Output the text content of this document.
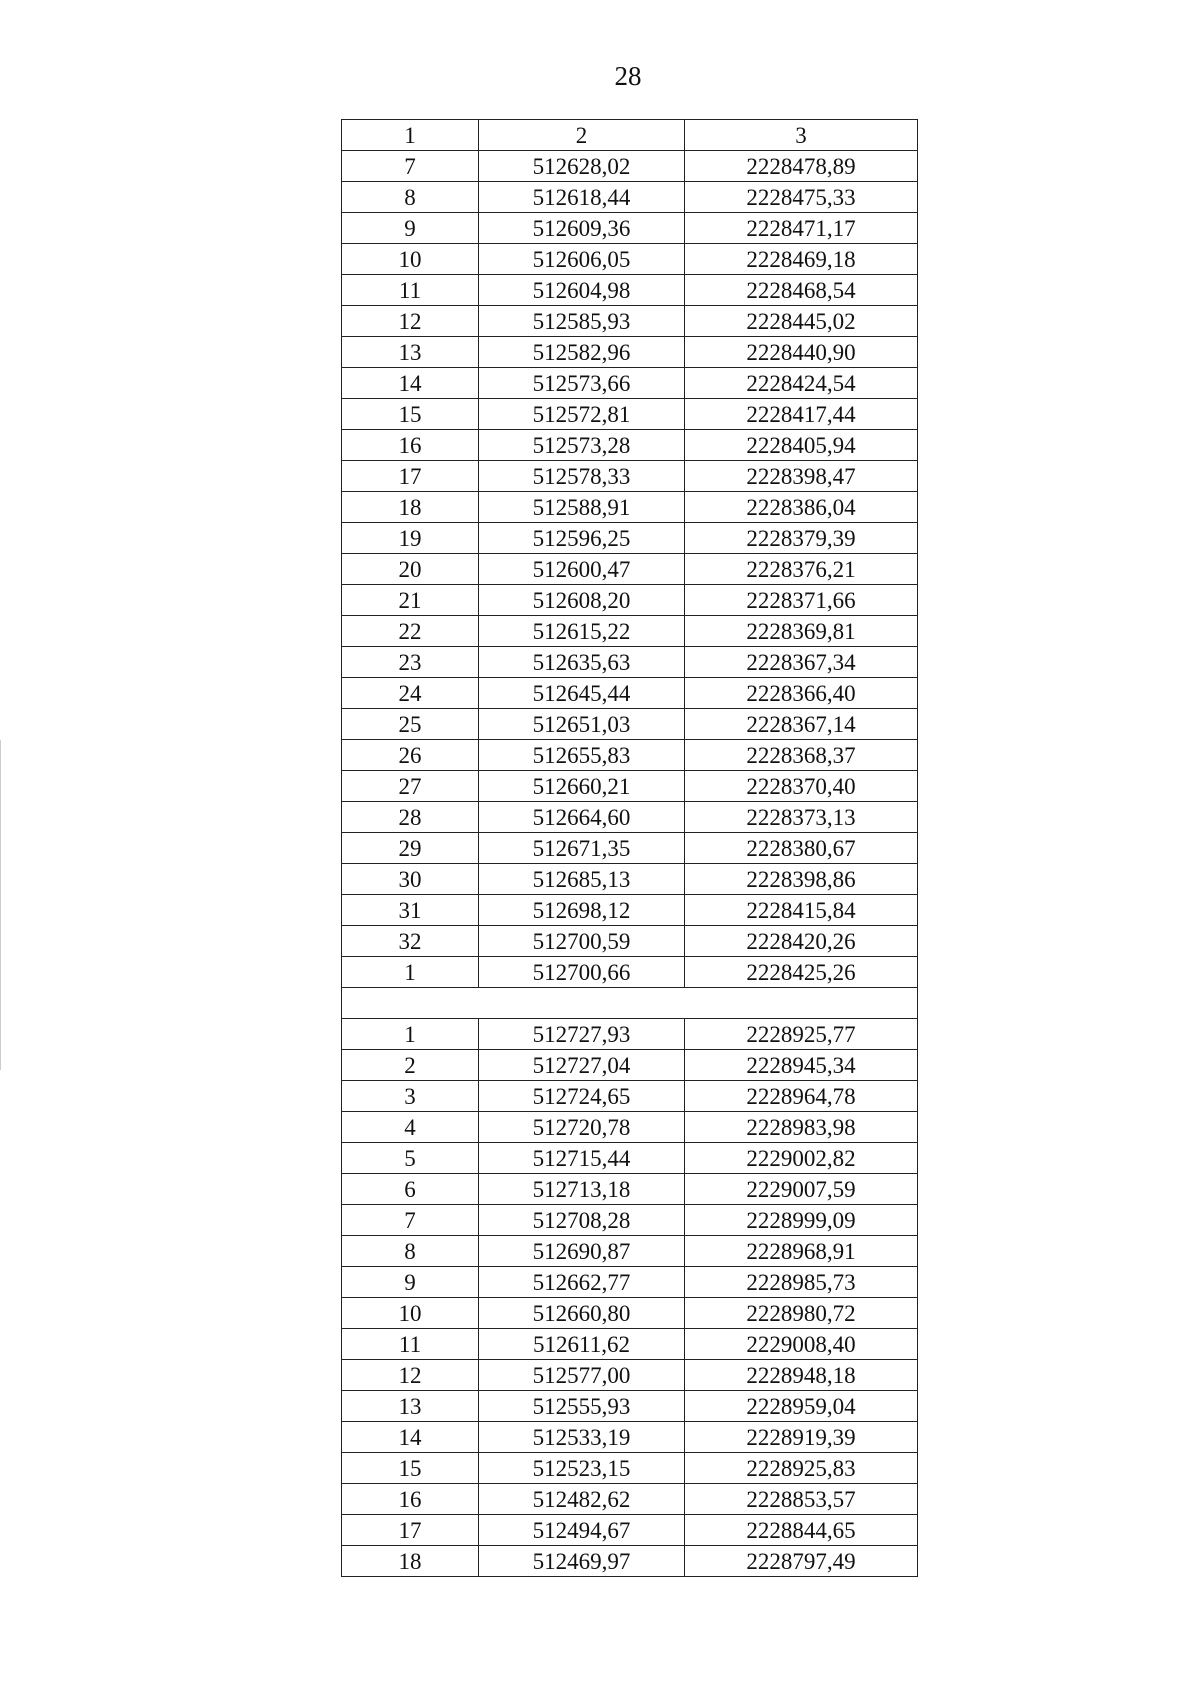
28
1	2	3
7	512628,02	2228478,89
8	512618,44	2228475,33
9	512609,36	2228471,17
10	512606,05	2228469,18
11	512604,98	2228468,54
12	512585,93	2228445,02
13	512582,96	2228440,90
14	512573,66	2228424,54
15	512572,81	2228417,44
16	512573,28	2228405,94
17	512578,33	2228398,47
18	512588,91	2228386,04
19	512596,25	2228379,39
20	512600,47	2228376,21
21	512608,20	2228371,66
22	512615,22	2228369,81
23	512635,63	2228367,34
24	512645,44	2228366,40
25	512651,03	2228367,14
26	512655,83	2228368,37
27	512660,21	2228370,40
28	512664,60	2228373,13
29	512671,35	2228380,67
30	512685,13	2228398,86
31	512698,12	2228415,84
32	512700,59	2228420,26
1	512700,66	2228425,26

1	512727,93	2228925,77
2	512727,04	2228945,34
3	512724,65	2228964,78
4	512720,78	2228983,98
5	512715,44	2229002,82
6	512713,18	2229007,59
7	512708,28	2228999,09
8	512690,87	2228968,91
9	512662,77	2228985,73
10	512660,80	2228980,72
11	512611,62	2229008,40
12	512577,00	2228948,18
13	512555,93	2228959,04
14	512533,19	2228919,39
15	512523,15	2228925,83
16	512482,62	2228853,57
17	512494,67	2228844,65
18	512469,97	2228797,49
